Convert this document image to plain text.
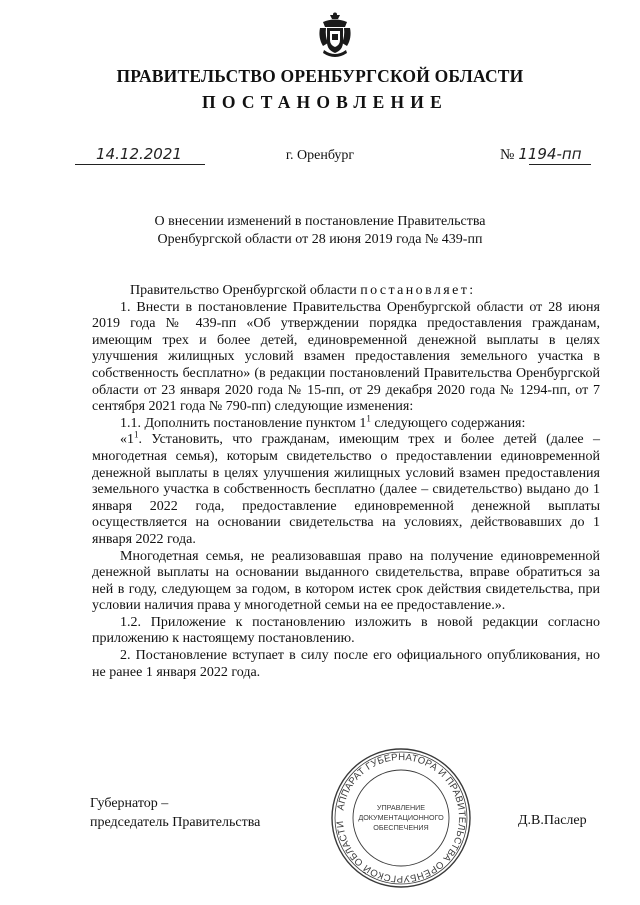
ПРАВИТЕЛЬСТВО ОРЕНБУРГСКОЙ ОБЛАСТИ
ПОСТАНОВЛЕНИЕ
14.12.2021	г. Оренбург	№ 1194-пп
О внесении изменений в постановление Правительства
Оренбургской области от 28 июня 2019 года № 439-пп

Правительство Оренбургской области постановляет:

1. Внести в постановление Правительства Оренбургской области от 28 июня 2019 года № 439-пп «Об утверждении порядка предоставления гражданам, имеющим трех и более детей, единовременной денежной выплаты в целях улучшения жилищных условий взамен предоставления земельного участка в собственность бесплатно» (в редакции постановлений Правительства Оренбургской области от 23 января 2020 года № 15-пп, от 29 декабря 2020 года № 1294-пп, от 7 сентября 2021 года № 790-пп) следующие изменения:

1.1. Дополнить постановление пунктом $1^1$ следующего содержания:

«$1^1$. Установить, что гражданам, имеющим трех и более детей (далее – многодетная семья), которым свидетельство о предоставлении единовременной денежной выплаты в целях улучшения жилищных условий взамен предоставления земельного участка в собственность бесплатно (далее – свидетельство) выдано до 1 января 2022 года, предоставление единовременной денежной выплаты осуществляется на основании свидетельства на условиях, действовавших до 1 января 2022 года.

Многодетная семья, не реализовавшая право на получение единовременной денежной выплаты на основании выданного свидетельства, вправе обратиться за ней в году, следующем за годом, в котором истек срок действия свидетельства, при условии наличия права у многодетной семьи на ее предоставление.».

1.2. Приложение к постановлению изложить в новой редакции согласно приложению к настоящему постановлению.

2. Постановление вступает в силу после его официального опубликования, но не ранее 1 января 2022 года.

Губернатор –
председатель Правительства	Д.В.Паслер
АППАРАТ ГУБЕРНАТОРА И ПРАВИТЕЛЬСТВА ОРЕНБУРГСКОЙ ОБЛАСТИ
УПРАВЛЕНИЕ
ДОКУМЕНТАЦИОННОГО
ОБЕСПЕЧЕНИЯ
